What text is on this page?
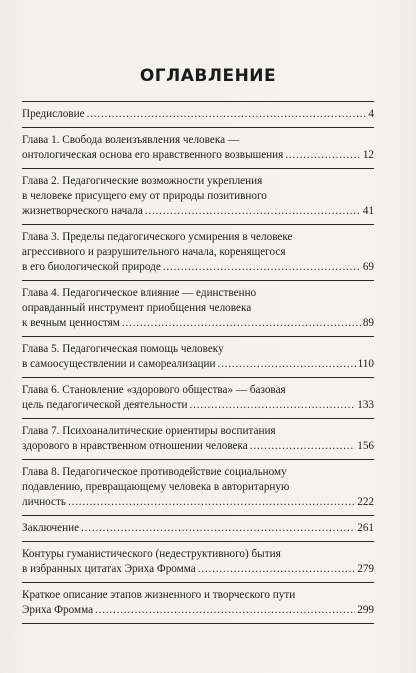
ОГЛАВЛЕНИЕ
Предисловие . . .	4
Глава 1. Свобода волеизъявления человека —
онтологическая основа его нравственного возвышения . . .	12
Глава 2. Педагогические возможности укрепления
в человеке присущего ему от природы позитивного
жизнетворческого начала . . .	41
Глава 3. Пределы педагогического усмирения в человеке
агрессивного и разрушительного начала, коренящегося
в его биологической природе . . .	69
Глава 4. Педагогическое влияние — единственно
оправданный инструмент приобщения человека
к вечным ценностям . . .	89
Глава 5. Педагогическая помощь человеку
в самоосуществлении и самореализации . . .	110
Глава 6. Становление «здорового общества» — базовая
цель педагогической деятельности . . .	133
Глава 7. Психоаналитические ориентиры воспитания
здорового в нравственном отношении человека . . .	156
Глава 8. Педагогическое противодействие социальному
подавлению, превращающему человека в авторитарную
личность . . .	222
Заключение . . .	261
Контуры гуманистического (недеструктивного) бытия
в избранных цитатах Эриха Фромма . . .	279
Краткое описание этапов жизненного и творческого пути
Эриха Фромма . . .	299
